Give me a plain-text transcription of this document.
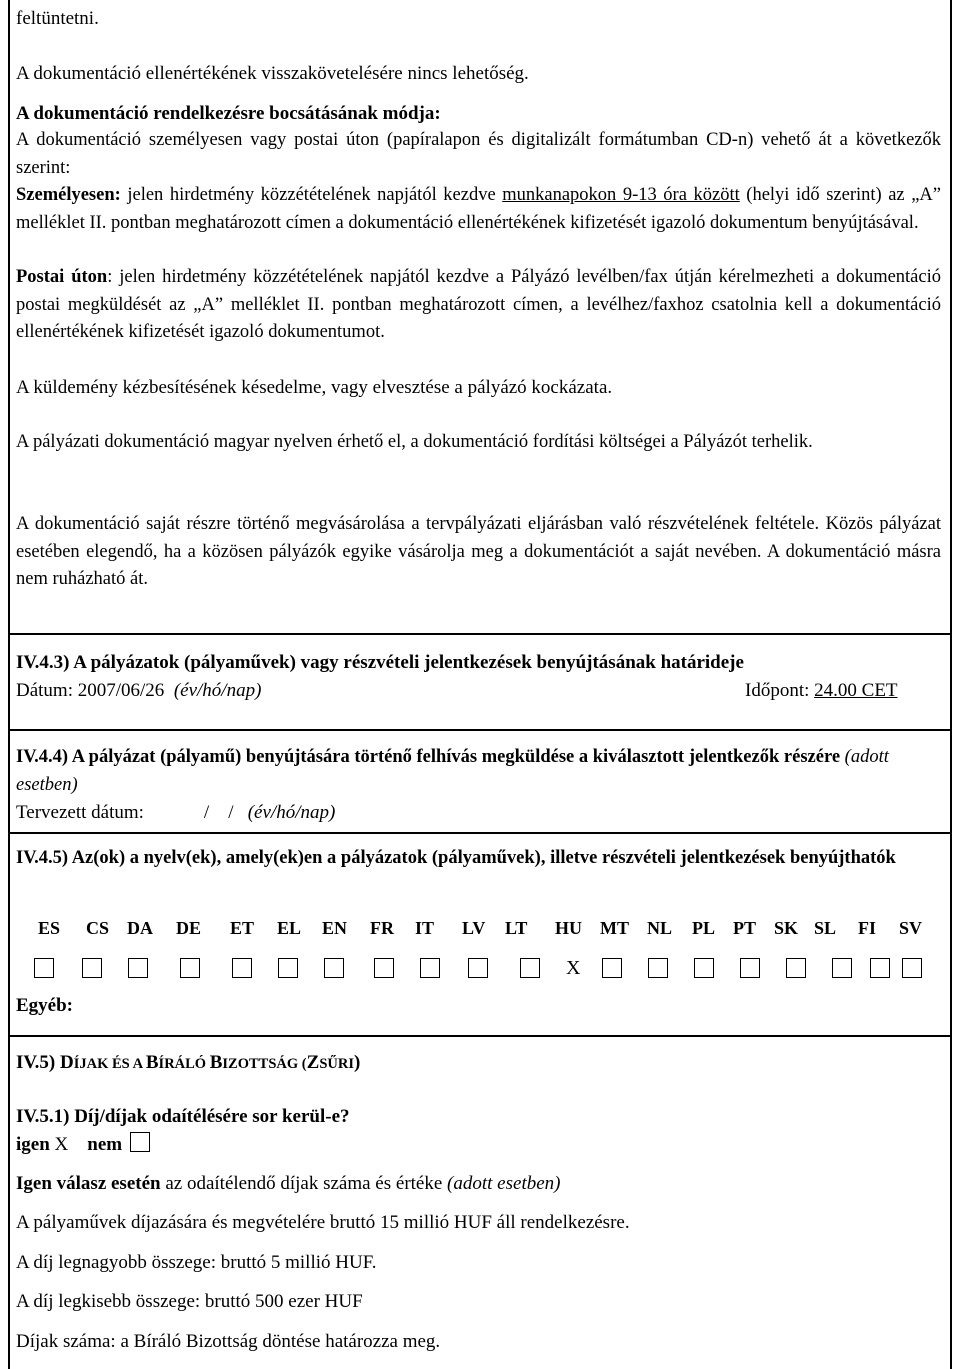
feltüntetni.
A dokumentáció ellenértékének visszakövetelésére nincs lehetőség.
A dokumentáció rendelkezésre bocsátásának módja:

A dokumentáció személyesen vagy postai úton (papíralapon és digitalizált formátumban CD-n) vehető át a következők szerint:

Személyesen: jelen hirdetmény közzétételének napjától kezdve munkanapokon 9-13 óra között (helyi idő szerint) az „A” melléklet II. pontban meghatározott címen a dokumentáció ellenértékének kifizetését igazoló dokumentum benyújtásával.

Postai úton: jelen hirdetmény közzétételének napjától kezdve a Pályázó levélben/fax útján kérelmezheti a dokumentáció postai megküldését az „A” melléklet II. pontban meghatározott címen, a levélhez/faxhoz csatolnia kell a dokumentáció ellenértékének kifizetését igazoló dokumentumot.

A küldemény kézbesítésének késedelme, vagy elvesztése a pályázó kockázata.

A pályázati dokumentáció magyar nyelven érhető el, a dokumentáció fordítási költségei a Pályázót terhelik.

A dokumentáció saját részre történő megvásárolása a tervpályázati eljárásban való részvételének feltétele. Közös pályázat esetében elegendő, ha a közösen pályázók egyike vásárolja meg a dokumentációt a saját nevében. A dokumentáció másra nem ruházható át.

IV.4.3) A pályázatok (pályaművek) vagy részvételi jelentkezések benyújtásának határideje
Dátum: 2007/06/26 (év/hó/nap)	Időpont: 24.00 CET

IV.4.4) A pályázat (pályamű) benyújtására történő felhívás megküldése a kiválasztott jelentkezők részére (adott esetben)

Tervezett dátum:	/    / (év/hó/nap)

IV.4.5) Az(ok) a nyelv(ek), amely(ek)en a pályázatok (pályaművek), illetve részvételi jelentkezések benyújthatók

ES CS DA DE ET EL EN FR IT LV LT HU MT NL PL PT SK SL FI SV
X
Egyéb:
IV.5) DÍJAK ÉS A BÍRÁLÓ BIZOTTSÁG (ZSŰRI)
IV.5.1) Díj/díjak odaítélésére sor kerül-e?
igen X nem
Igen válasz esetén az odaítélendő díjak száma és értéke (adott esetben)
A pályaművek díjazására és megvételére bruttó 15 millió HUF áll rendelkezésre.
A díj legnagyobb összege: bruttó 5 millió HUF.
A díj legkisebb összege: bruttó 500 ezer HUF
Díjak száma: a Bíráló Bizottság döntése határozza meg.
